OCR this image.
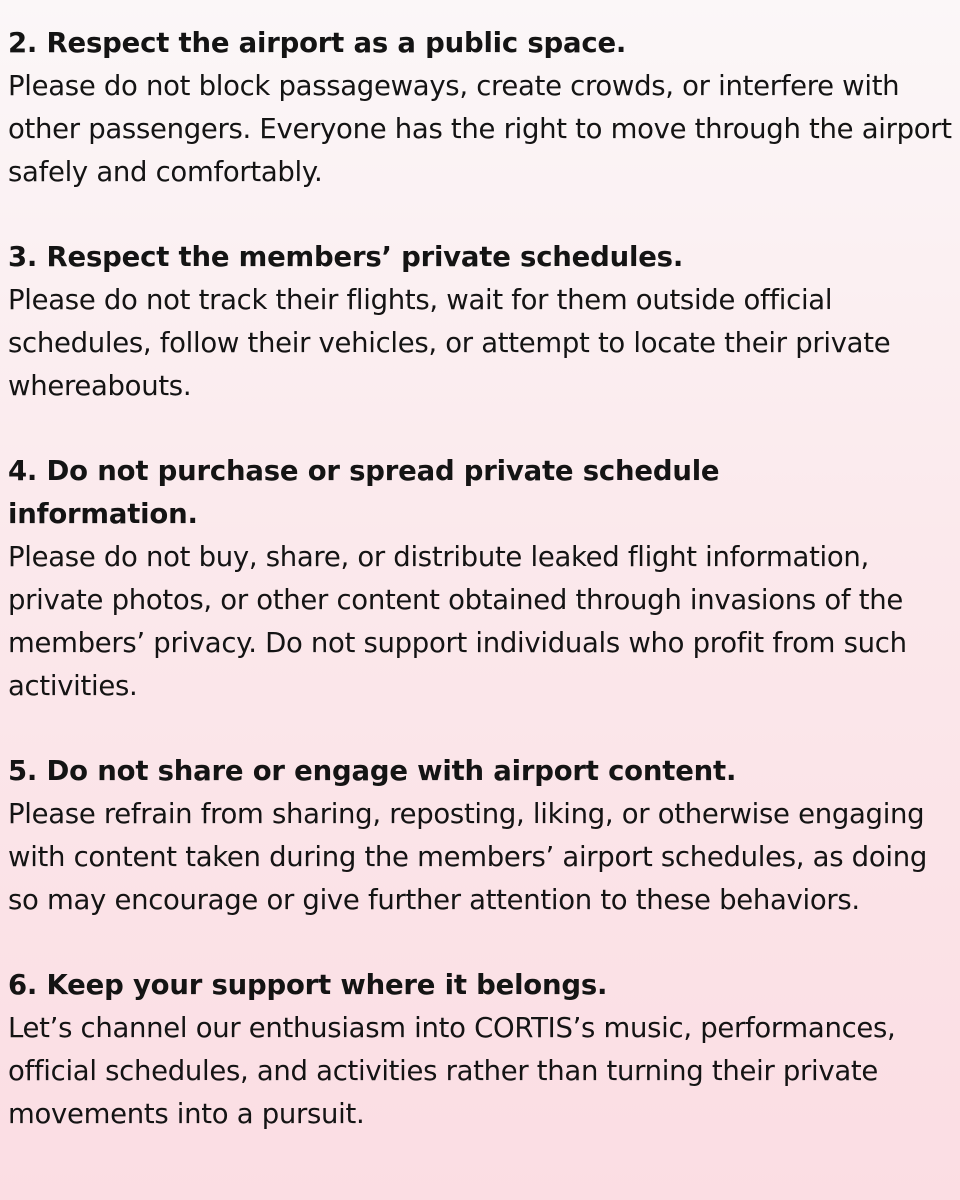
2. Respect the airport as a public space.

Please do not block passageways, create crowds, or interfere with other passengers. Everyone has the right to move through the airport safely and comfortably.

3. Respect the members’ private schedules.

Please do not track their flights, wait for them outside official schedules, follow their vehicles, or attempt to locate their private whereabouts.

4. Do not purchase or spread private schedule information.

Please do not buy, share, or distribute leaked flight information, private photos, or other content obtained through invasions of the members’ privacy. Do not support individuals who profit from such activities.

5. Do not share or engage with airport content.

Please refrain from sharing, reposting, liking, or otherwise engaging with content taken during the members’ airport schedules, as doing so may encourage or give further attention to these behaviors.

6. Keep your support where it belongs.

Let’s channel our enthusiasm into CORTIS’s music, performances, official schedules, and activities rather than turning their private movements into a pursuit.
